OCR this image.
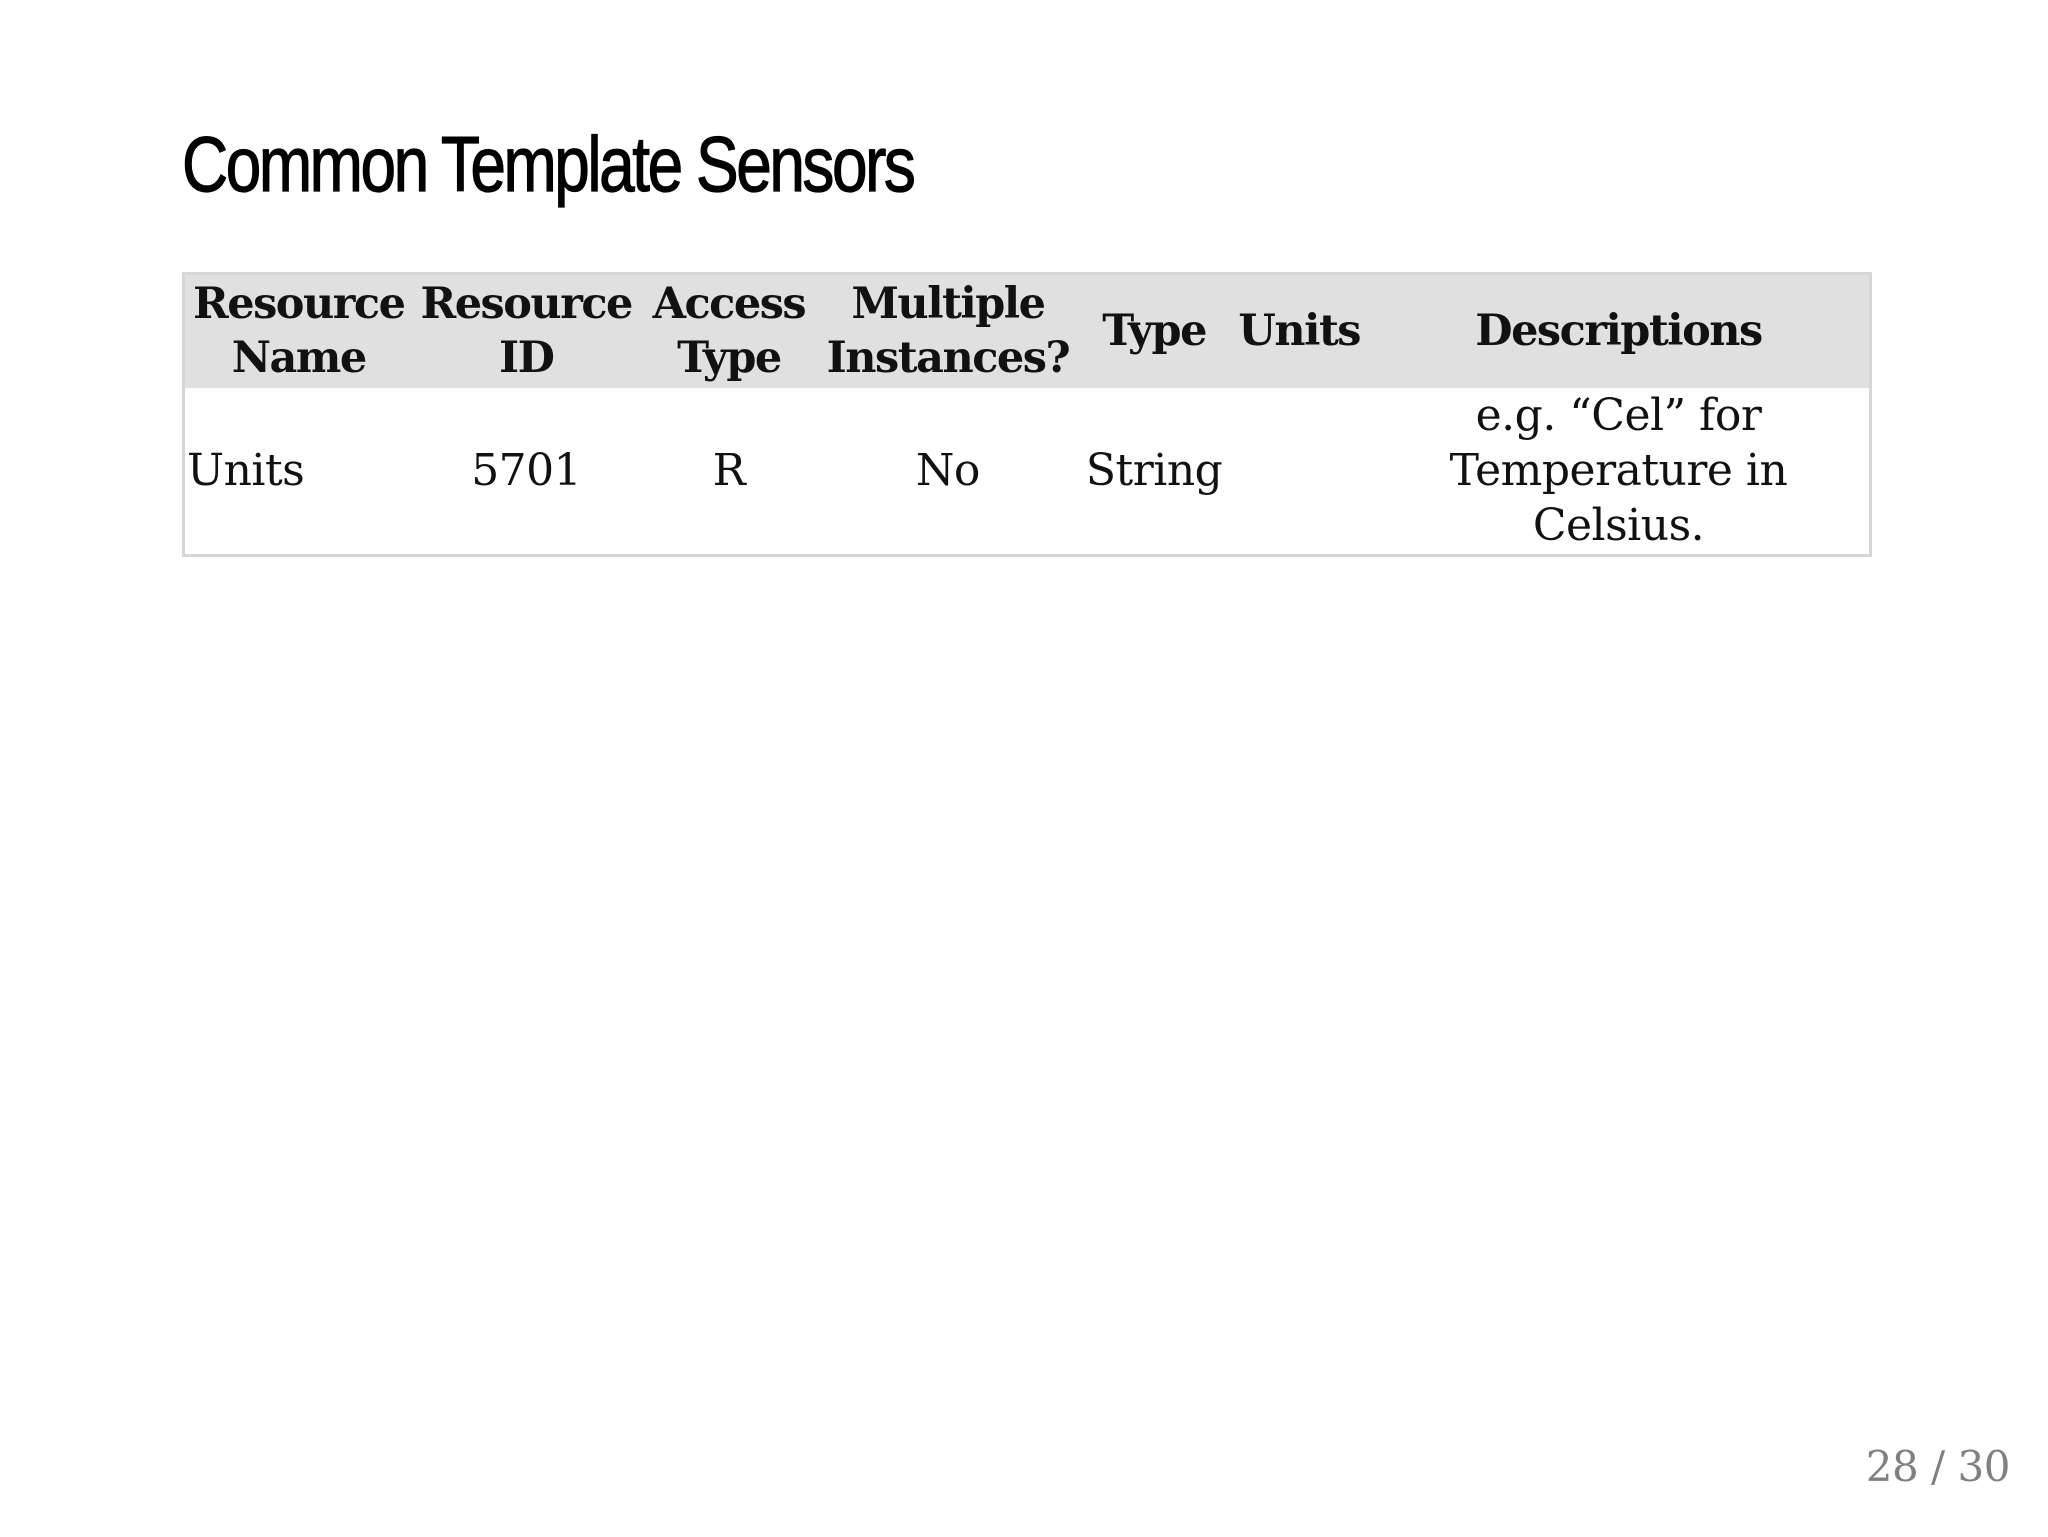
Common Template Sensors
Resource Name	Resource ID	Access Type	Multiple Instances?	Type	Units	Descriptions
Units	5701	R	No	String		e.g. “Cel” for Temperature in Celsius.
28 / 30
